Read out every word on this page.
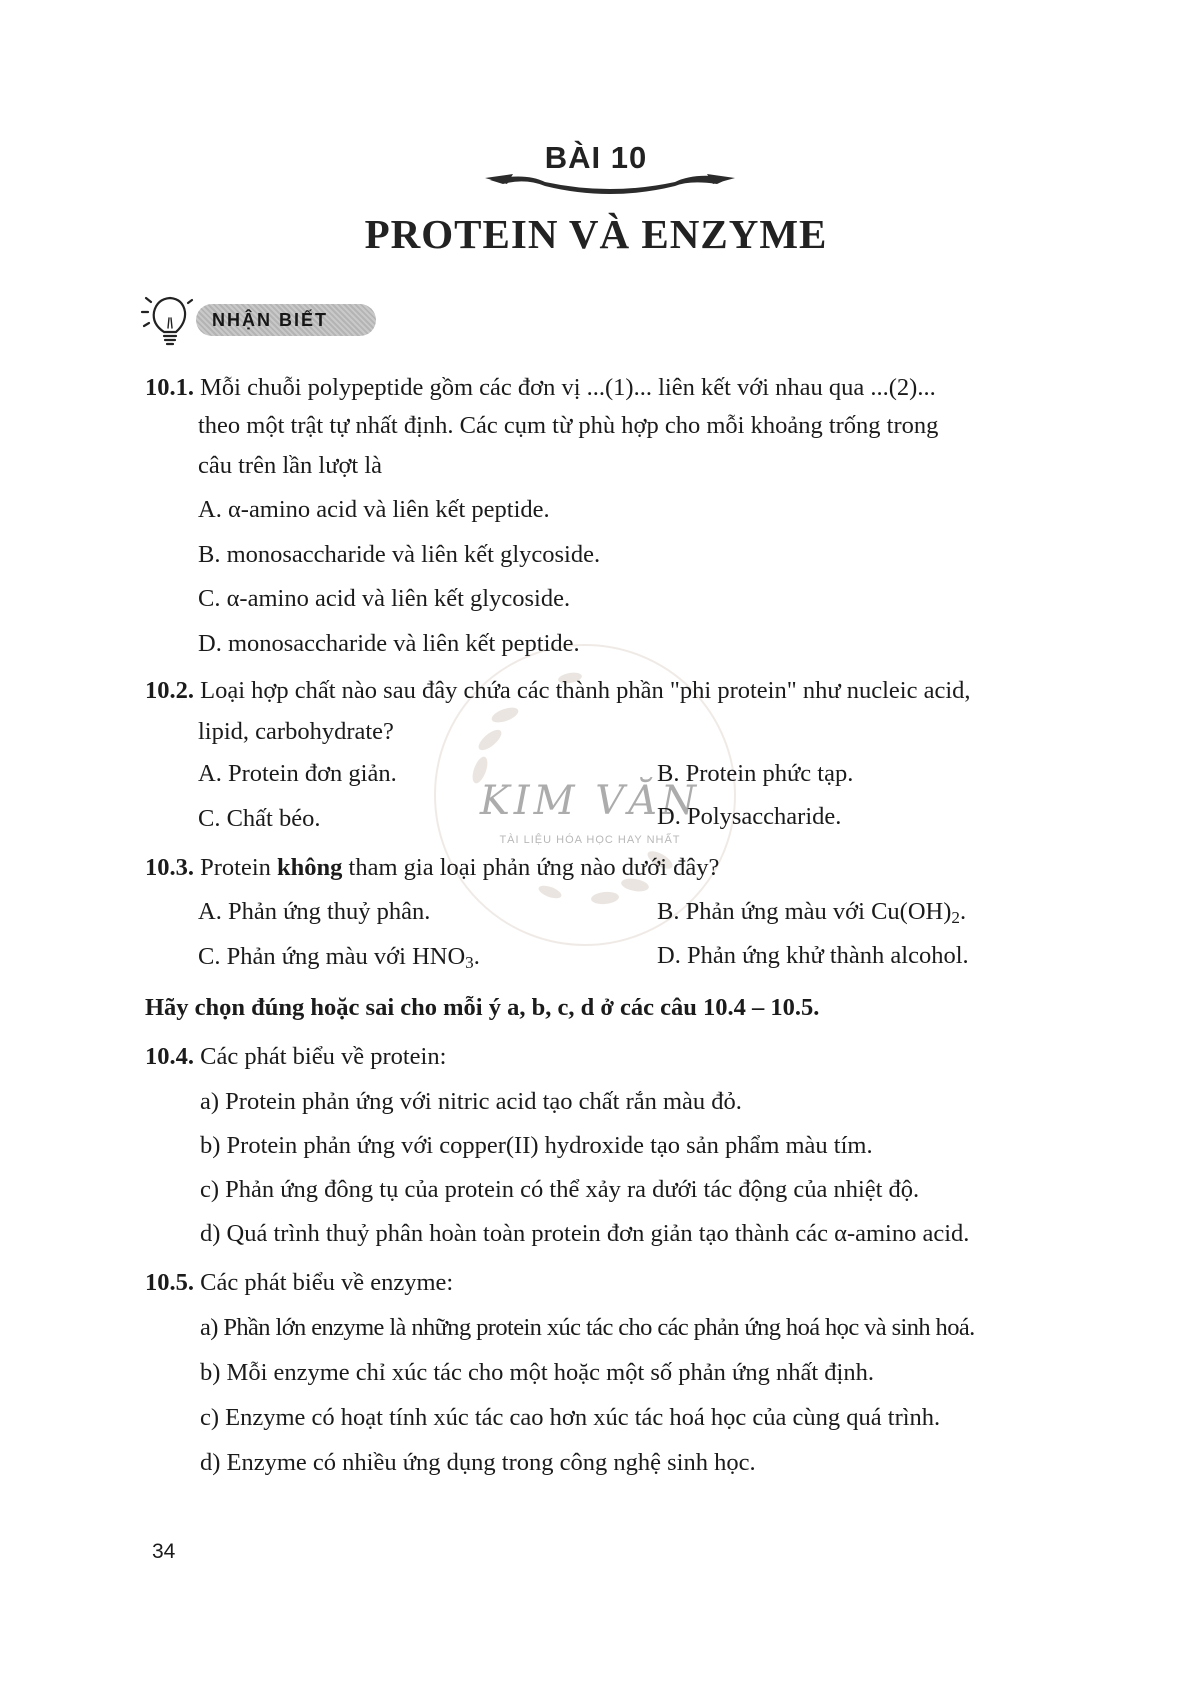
BÀI 10
PROTEIN VÀ ENZYME
NHẬN BIẾT
KIM VĂN
TÀI LIỆU HÓA HỌC HAY NHẤT
10.1. Mỗi chuỗi polypeptide gồm các đơn vị ...(1)... liên kết với nhau qua ...(2)...
theo một trật tự nhất định. Các cụm từ phù hợp cho mỗi khoảng trống trong
câu trên lần lượt là
A. α-amino acid và liên kết peptide.
B. monosaccharide và liên kết glycoside.
C. α-amino acid và liên kết glycoside.
D. monosaccharide và liên kết peptide.
10.2. Loại hợp chất nào sau đây chứa các thành phần "phi protein" như nucleic acid,
lipid, carbohydrate?
A. Protein đơn giản.	B. Protein phức tạp.
C. Chất béo.	D. Polysaccharide.
10.3. Protein không tham gia loại phản ứng nào dưới đây?
A. Phản ứng thuỷ phân.	B. Phản ứng màu với $Cu(OH)_2$.
C. Phản ứng màu với $HNO_3$.	D. Phản ứng khử thành alcohol.
Hãy chọn đúng hoặc sai cho mỗi ý a, b, c, d ở các câu 10.4 – 10.5.
10.4. Các phát biểu về protein:
a) Protein phản ứng với nitric acid tạo chất rắn màu đỏ.
b) Protein phản ứng với copper(II) hydroxide tạo sản phẩm màu tím.
c) Phản ứng đông tụ của protein có thể xảy ra dưới tác động của nhiệt độ.
d) Quá trình thuỷ phân hoàn toàn protein đơn giản tạo thành các α-amino acid.
10.5. Các phát biểu về enzyme:
a) Phần lớn enzyme là những protein xúc tác cho các phản ứng hoá học và sinh hoá.
b) Mỗi enzyme chỉ xúc tác cho một hoặc một số phản ứng nhất định.
c) Enzyme có hoạt tính xúc tác cao hơn xúc tác hoá học của cùng quá trình.
d) Enzyme có nhiều ứng dụng trong công nghệ sinh học.
34
